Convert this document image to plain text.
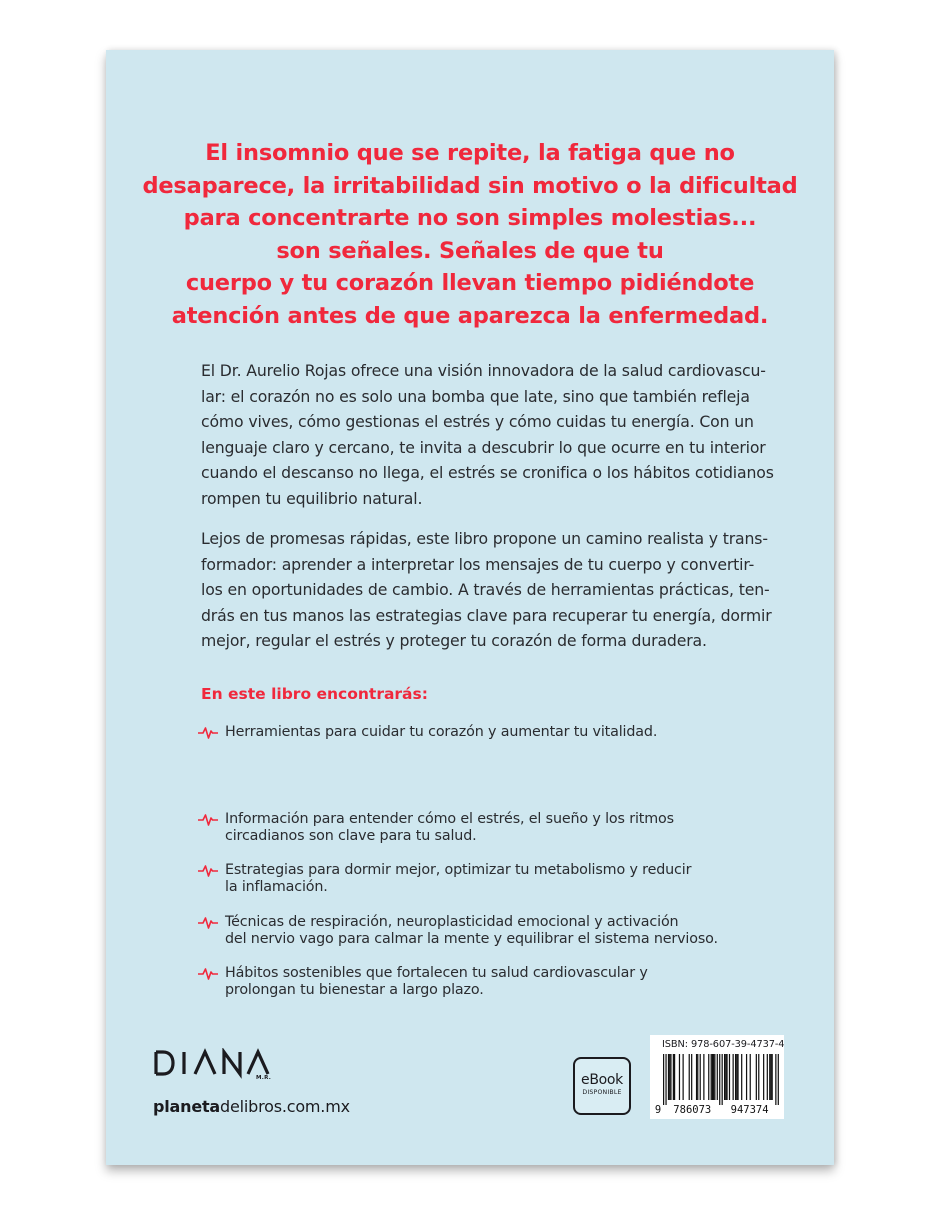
El insomnio que se repite, la fatiga que no
desaparece, la irritabilidad sin motivo o la dificultad
para concentrarte no son simples molestias...
son señales. Señales de que tu
cuerpo y tu corazón llevan tiempo pidiéndote
atención antes de que aparezca la enfermedad.
El Dr. Aurelio Rojas ofrece una visión innovadora de la salud cardiovascu-
lar: el corazón no es solo una bomba que late, sino que también refleja
cómo vives, cómo gestionas el estrés y cómo cuidas tu energía. Con un
lenguaje claro y cercano, te invita a descubrir lo que ocurre en tu interior
cuando el descanso no llega, el estrés se cronifica o los hábitos cotidianos
rompen tu equilibrio natural.
Lejos de promesas rápidas, este libro propone un camino realista y trans-
formador: aprender a interpretar los mensajes de tu cuerpo y convertir-
los en oportunidades de cambio. A través de herramientas prácticas, ten-
drás en tus manos las estrategias clave para recuperar tu energía, dormir
mejor, regular el estrés y proteger tu corazón de forma duradera.
En este libro encontrarás:
Herramientas para cuidar tu corazón y aumentar tu vitalidad.
Información para entender cómo el estrés, el sueño y los ritmos
circadianos son clave para tu salud.
Estrategias para dormir mejor, optimizar tu metabolismo y reducir
la inflamación.
Técnicas de respiración, neuroplasticidad emocional y activación
del nervio vago para calmar la mente y equilibrar el sistema nervioso.
Hábitos sostenibles que fortalecen tu salud cardiovascular y
prolongan tu bienestar a largo plazo.
M.R.
planetadelibros.com.mx
eBook
DISPONIBLE
ISBN: 978-607-39-4737-4
9 786073 947374
